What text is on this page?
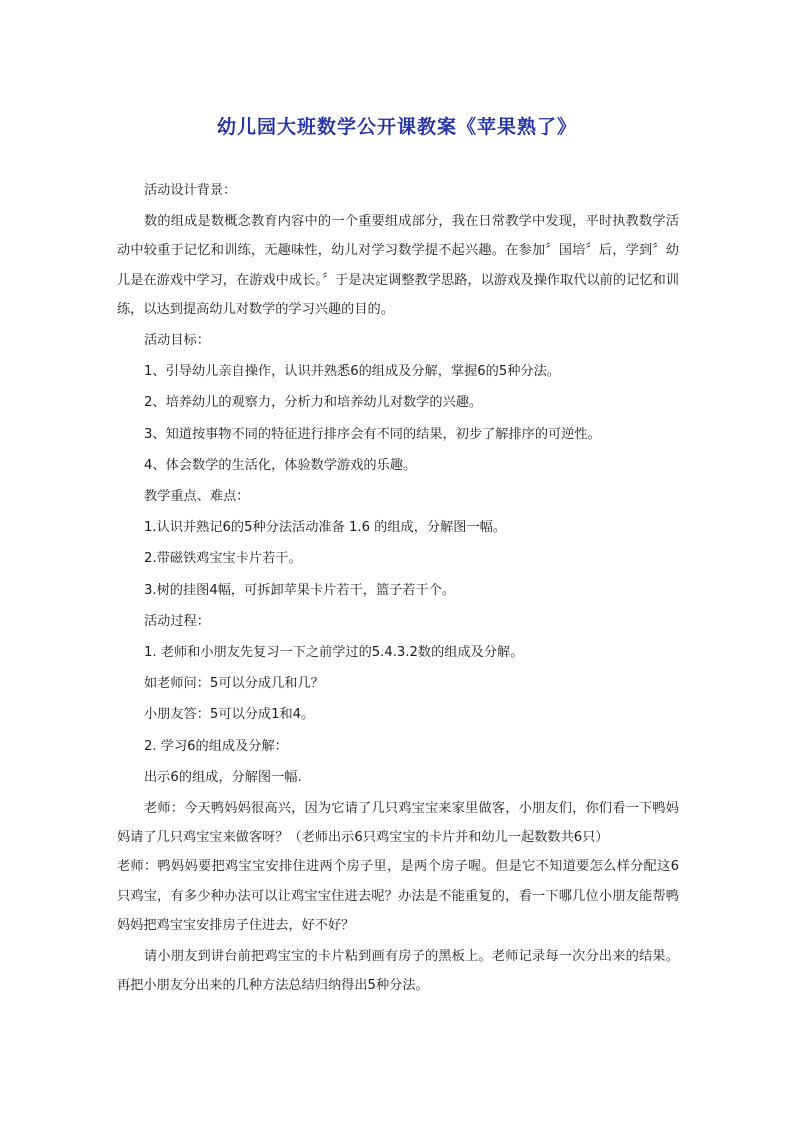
幼儿园大班数学公开课教案《苹果熟了》

活动设计背景：

数的组成是数概念教育内容中的一个重要组成部分，我在日常教学中发现，平时执教数学活动中较重于记忆和训练，无趣味性，幼儿对学习数学提不起兴趣。在参加〞国培〞后，学到〞幼儿是在游戏中学习，在游戏中成长。〞于是决定调整教学思路，以游戏及操作取代以前的记忆和训练，以达到提高幼儿对数学的学习兴趣的目的。

活动目标：

1、引导幼儿亲自操作，认识并熟悉6的组成及分解，掌握6的5种分法。

2、培养幼儿的观察力，分析力和培养幼儿对数学的兴趣。

3、知道按事物不同的特征进行排序会有不同的结果，初步了解排序的可逆性。

4、体会数学的生活化，体验数学游戏的乐趣。

教学重点、难点：

1.认识并熟记6的5种分法活动准备 1.6 的组成，分解图一幅。

2.带磁铁鸡宝宝卡片若干。

3.树的挂图4幅，可拆卸苹果卡片若干，篮子若干个。

活动过程：

1. 老师和小朋友先复习一下之前学过的5.4.3.2数的组成及分解。

如老师问：5可以分成几和几？

小朋友答：5可以分成1和4。

2. 学习6的组成及分解：

出示6的组成，分解图一幅.

老师：今天鸭妈妈很高兴，因为它请了几只鸡宝宝来家里做客，小朋友们，你们看一下鸭妈妈请了几只鸡宝宝来做客呀？（老师出示6只鸡宝宝的卡片并和幼儿一起数数共6只）

老师：鸭妈妈要把鸡宝宝安排住进两个房子里，是两个房子喔。但是它不知道要怎么样分配这6只鸡宝，有多少种办法可以让鸡宝宝住进去呢？办法是不能重复的，看一下哪几位小朋友能帮鸭妈妈把鸡宝宝安排房子住进去，好不好？

请小朋友到讲台前把鸡宝宝的卡片粘到画有房子的黑板上。老师记录每一次分出来的结果。再把小朋友分出来的几种方法总结归纳得出5种分法。
